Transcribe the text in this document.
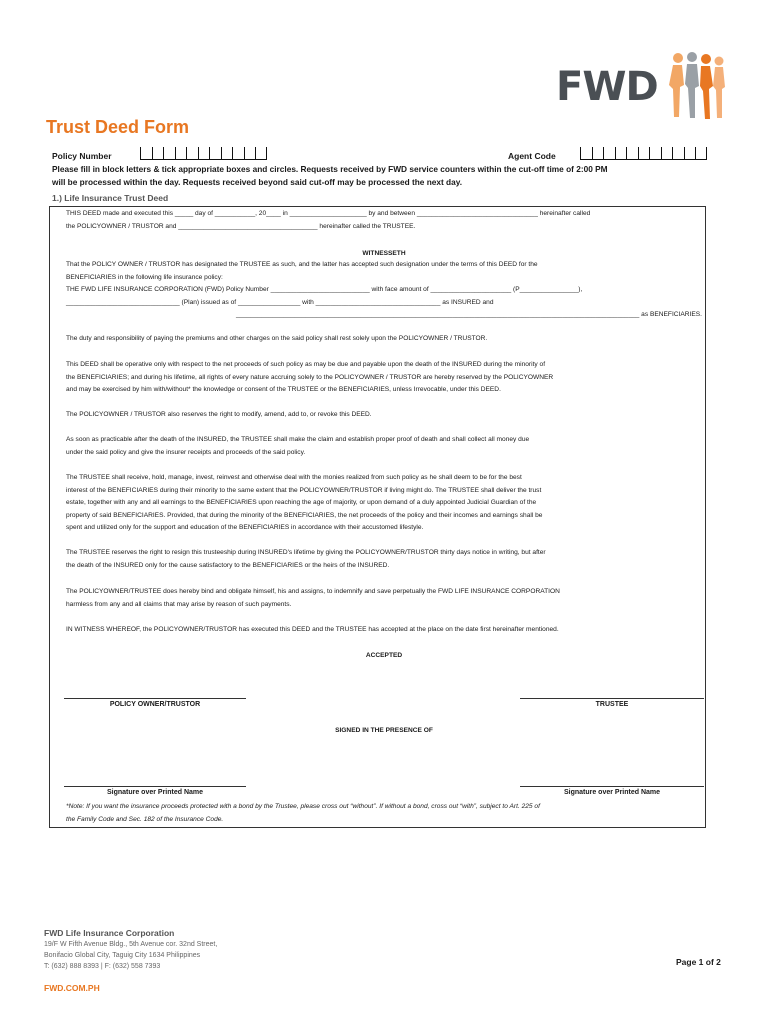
FWD
Trust Deed Form
Policy Number	Agent Code
Please fill in block letters & tick appropriate boxes and circles. Requests received by FWD service counters within the cut-off time of 2:00 PM
will be processed within the day. Requests received beyond said cut-off may be processed the next day.
1.) Life Insurance Trust Deed
THIS DEED made and executed this _____ day of ___________, 20____ in _____________________ by and between _________________________________ hereinafter called
the POLICYOWNER / TRUSTOR and ______________________________________ hereinafter called the TRUSTEE.
WITNESSETH
That the POLICY OWNER / TRUSTOR has designated the TRUSTEE as such, and the latter has accepted such designation under the terms of this DEED for the
BENEFICIARIES in the following life insurance policy:
THE FWD LIFE INSURANCE CORPORATION (FWD) Policy Number ___________________________ with face amount of ______________________ (P________________),
_______________________________ (Plan) issued as of _________________ with __________________________________ as INSURED and
______________________________________________________________________________________________________________ as BENEFICIARIES.
The duty and responsibility of paying the premiums and other charges on the said policy shall rest solely upon the POLICYOWNER / TRUSTOR.
This DEED shall be operative only with respect to the net proceeds of such policy as may be due and payable upon the death of the INSURED during the minority of
the BENEFICIARIES; and during his lifetime, all rights of every nature accruing solely to the POLICYOWNER / TRUSTOR are hereby reserved by the POLICYOWNER
and may be exercised by him with/without* the knowledge or consent of the TRUSTEE or the BENEFICIARIES, unless Irrevocable, under this DEED.
The POLICYOWNER / TRUSTOR also reserves the right to modify, amend, add to, or revoke this DEED.
As soon as practicable after the death of the INSURED, the TRUSTEE shall make the claim and establish proper proof of death and shall collect all money due
under the said policy and give the insurer receipts and proceeds of the said policy.
The TRUSTEE shall receive, hold, manage, invest, reinvest and otherwise deal with the monies realized from such policy as he shall deem to be for the best
interest of the BENEFICIARIES during their minority to the same extent that the POLICYOWNER/TRUSTOR if living might do. The TRUSTEE shall deliver the trust
estate, together with any and all earnings to the BENEFICIARIES upon reaching the age of majority, or upon demand of a duly appointed Judicial Guardian of the
property of said BENEFICIARIES. Provided, that during the minority of the BENEFICIARIES, the net proceeds of the policy and their incomes and earnings shall be
spent and utilized only for the support and education of the BENEFICIARIES in accordance with their accustomed lifestyle.
The TRUSTEE reserves the right to resign this trusteeship during INSURED's lifetime by giving the POLICYOWNER/TRUSTOR thirty days notice in writing, but after
the death of the INSURED only for the cause satisfactory to the BENEFICIARIES or the heirs of the INSURED.
The POLICYOWNER/TRUSTEE does hereby bind and obligate himself, his and assigns, to indemnify and save perpetually the FWD LIFE INSURANCE CORPORATION
harmless from any and all claims that may arise by reason of such payments.
IN WITNESS WHEREOF, the POLICYOWNER/TRUSTOR has executed this DEED and the TRUSTEE has accepted at the place on the date first hereinafter mentioned.
ACCEPTED
POLICY OWNER/TRUSTOR	TRUSTEE
SIGNED IN THE PRESENCE OF
Signature over Printed Name	Signature over Printed Name
*Note: If you want the insurance proceeds protected with a bond by the Trustee, please cross out “without”. If without a bond, cross out “with”, subject to Art. 225 of
the Family Code and Sec. 182 of the Insurance Code.
FWD Life Insurance Corporation
19/F W Fifth Avenue Bldg., 5th Avenue cor. 32nd Street,
Bonifacio Global City, Taguig City 1634 Philippines
T: (632) 888 8393 | F: (632) 558 7393
FWD.COM.PH
Page 1 of 2
